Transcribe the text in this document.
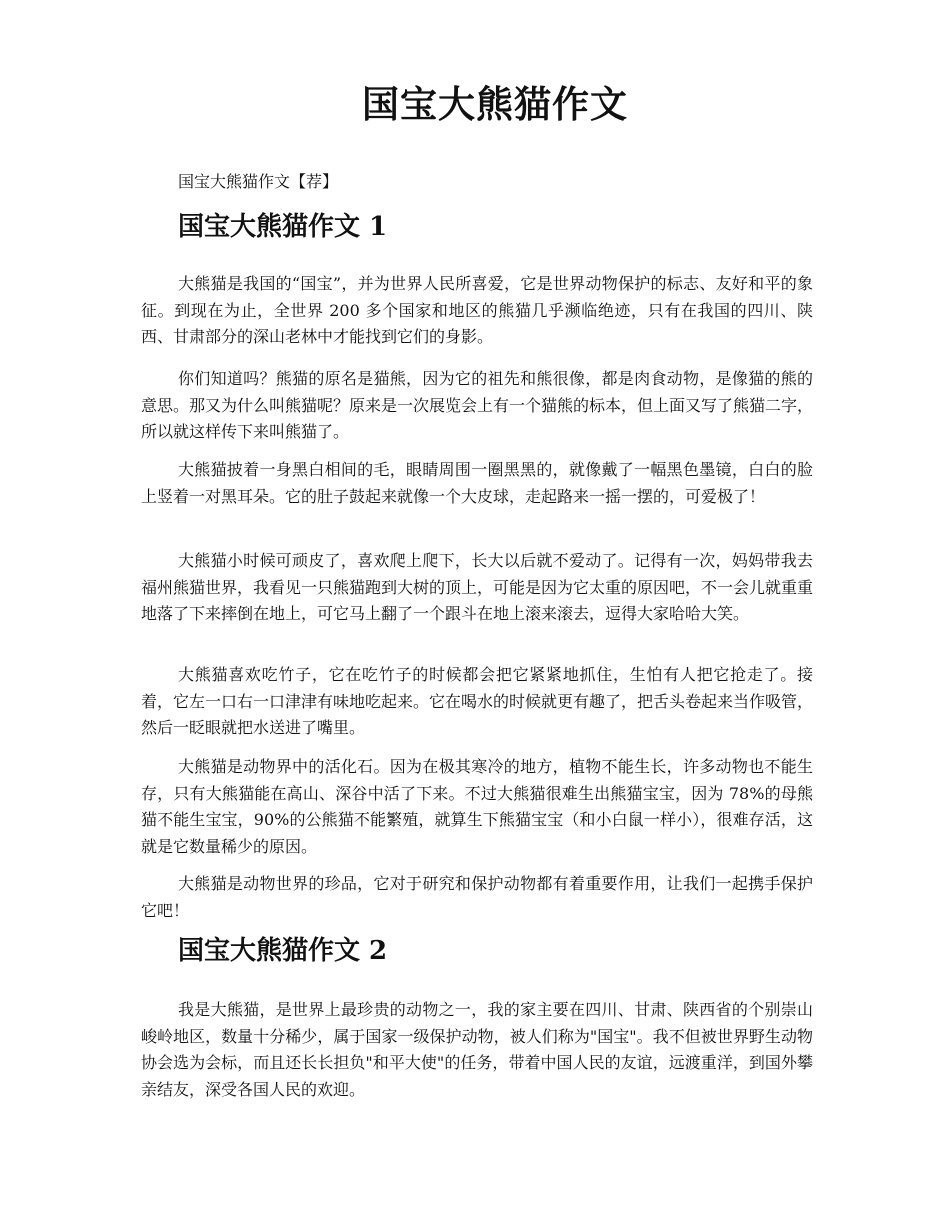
国宝大熊猫作文

国宝大熊猫作文【荐】

国宝大熊猫作文 1

大熊猫是我国的“国宝”，并为世界人民所喜爱，它是世界动物保护的标志、友好和平的象征。到现在为止，全世界 200 多个国家和地区的熊猫几乎濒临绝迹，只有在我国的四川、陕西、甘肃部分的深山老林中才能找到它们的身影。

你们知道吗？熊猫的原名是猫熊，因为它的祖先和熊很像，都是肉食动物，是像猫的熊的意思。那又为什么叫熊猫呢？原来是一次展览会上有一个猫熊的标本，但上面又写了熊猫二字，所以就这样传下来叫熊猫了。

大熊猫披着一身黑白相间的毛，眼睛周围一圈黑黑的，就像戴了一幅黑色墨镜，白白的脸上竖着一对黑耳朵。它的肚子鼓起来就像一个大皮球，走起路来一摇一摆的，可爱极了！

大熊猫小时候可顽皮了，喜欢爬上爬下，长大以后就不爱动了。记得有一次，妈妈带我去福州熊猫世界，我看见一只熊猫跑到大树的顶上，可能是因为它太重的原因吧，不一会儿就重重地落了下来摔倒在地上，可它马上翻了一个跟斗在地上滚来滚去，逗得大家哈哈大笑。

大熊猫喜欢吃竹子，它在吃竹子的时候都会把它紧紧地抓住，生怕有人把它抢走了。接着，它左一口右一口津津有味地吃起来。它在喝水的时候就更有趣了，把舌头卷起来当作吸管，然后一眨眼就把水送进了嘴里。

大熊猫是动物界中的活化石。因为在极其寒冷的地方，植物不能生长，许多动物也不能生存，只有大熊猫能在高山、深谷中活了下来。不过大熊猫很难生出熊猫宝宝，因为 78%的母熊猫不能生宝宝，90%的公熊猫不能繁殖，就算生下熊猫宝宝（和小白鼠一样小），很难存活，这就是它数量稀少的原因。

大熊猫是动物世界的珍品，它对于研究和保护动物都有着重要作用，让我们一起携手保护它吧！

国宝大熊猫作文 2

我是大熊猫，是世界上最珍贵的动物之一，我的家主要在四川、甘肃、陕西省的个别崇山峻岭地区，数量十分稀少，属于国家一级保护动物，被人们称为"国宝"。我不但被世界野生动物协会选为会标，而且还长长担负"和平大使"的任务，带着中国人民的友谊，远渡重洋，到国外攀亲结友，深受各国人民的欢迎。
